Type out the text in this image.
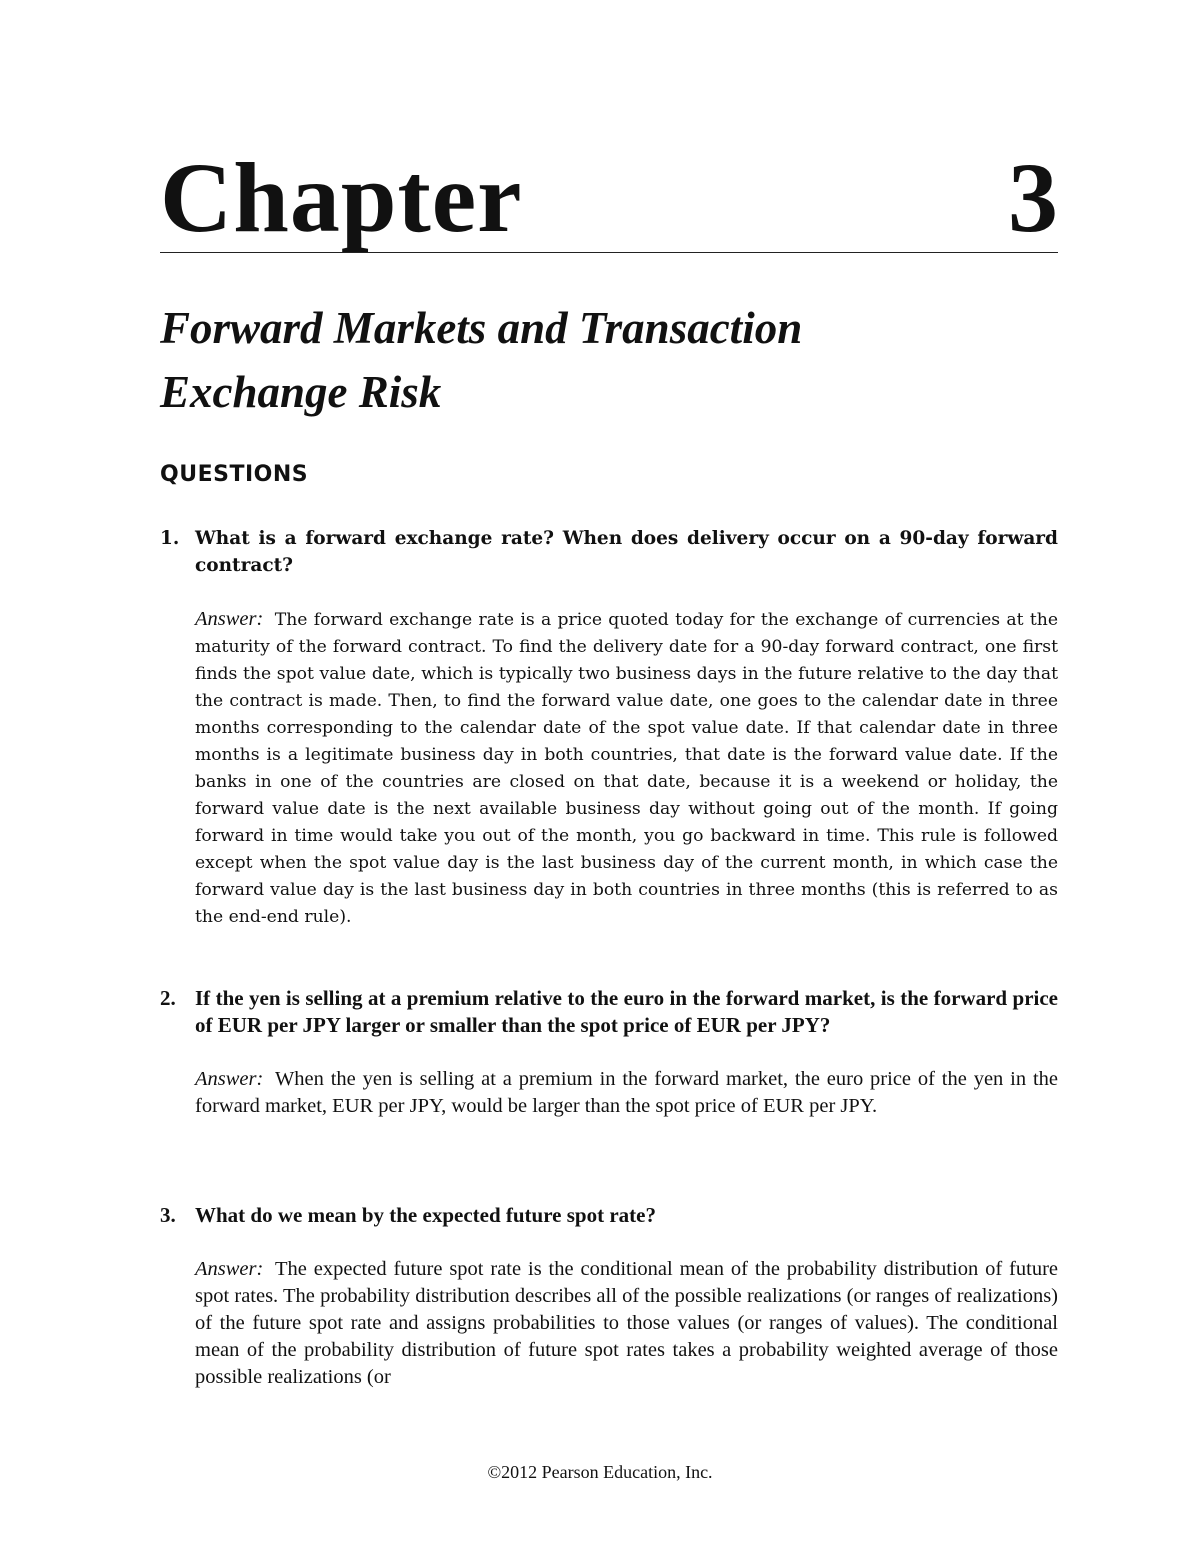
Chapter	3
Forward Markets and Transaction
Exchange Risk
QUESTIONS
1. What is a forward exchange rate? When does delivery occur on a 90-day forward contract?
Answer: The forward exchange rate is a price quoted today for the exchange of currencies at the maturity of the forward contract. To find the delivery date for a 90-day forward contract, one first finds the spot value date, which is typically two business days in the future relative to the day that the contract is made. Then, to find the forward value date, one goes to the calendar date in three months corresponding to the calendar date of the spot value date. If that calendar date in three months is a legitimate business day in both countries, that date is the forward value date. If the banks in one of the countries are closed on that date, because it is a weekend or holiday, the forward value date is the next available business day without going out of the month. If going forward in time would take you out of the month, you go backward in time. This rule is followed except when the spot value day is the last business day of the current month, in which case the forward value day is the last business day in both countries in three months (this is referred to as the end-end rule).
2. If the yen is selling at a premium relative to the euro in the forward market, is the forward price of EUR per JPY larger or smaller than the spot price of EUR per JPY?
Answer: When the yen is selling at a premium in the forward market, the euro price of the yen in the forward market, EUR per JPY, would be larger than the spot price of EUR per JPY.
3. What do we mean by the expected future spot rate?
Answer: The expected future spot rate is the conditional mean of the probability distribution of future spot rates. The probability distribution describes all of the possible realizations (or ranges of realizations) of the future spot rate and assigns probabilities to those values (or ranges of values). The conditional mean of the probability distribution of future spot rates takes a probability weighted average of those possible realizations (or
©2012 Pearson Education, Inc.
